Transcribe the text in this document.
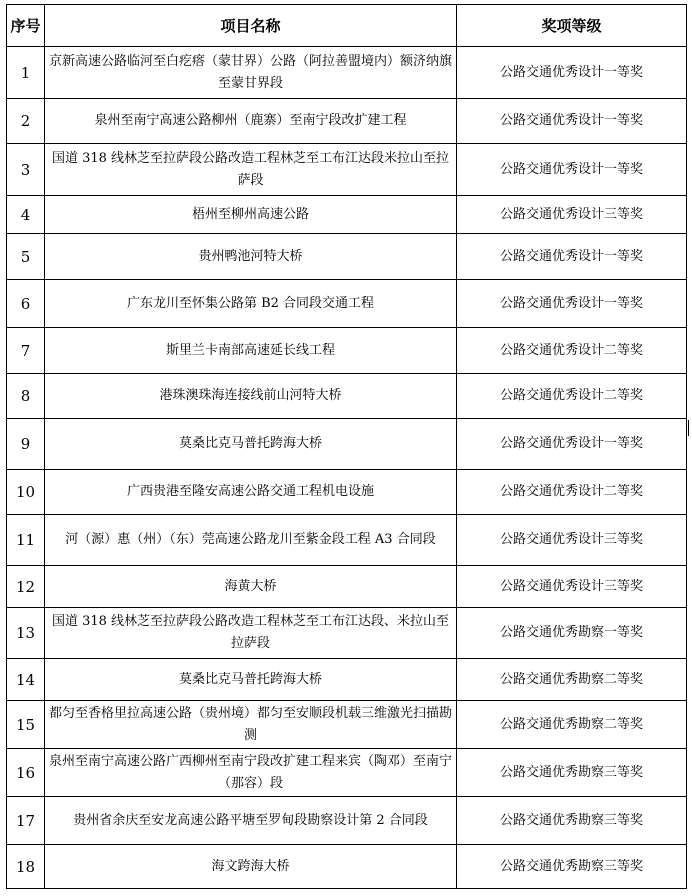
序号	项目名称	奖项等级
1	京新高速公路临河至白疙瘩（蒙甘界）公路（阿拉善盟境内）额济纳旗至蒙甘界段	公路交通优秀设计一等奖
2	泉州至南宁高速公路柳州（鹿寨）至南宁段改扩建工程	公路交通优秀设计一等奖
3	国道 318 线林芝至拉萨段公路改造工程林芝至工布江达段米拉山至拉萨段	公路交通优秀设计一等奖
4	梧州至柳州高速公路	公路交通优秀设计三等奖
5	贵州鸭池河特大桥	公路交通优秀设计一等奖
6	广东龙川至怀集公路第 B2 合同段交通工程	公路交通优秀设计一等奖
7	斯里兰卡南部高速延长线工程	公路交通优秀设计二等奖
8	港珠澳珠海连接线前山河特大桥	公路交通优秀设计二等奖
9	莫桑比克马普托跨海大桥	公路交通优秀设计一等奖
10	广西贵港至隆安高速公路交通工程机电设施	公路交通优秀设计二等奖
11	河（源）惠（州）（东）莞高速公路龙川至紫金段工程 A3 合同段	公路交通优秀设计三等奖
12	海黄大桥	公路交通优秀设计三等奖
13	国道 318 线林芝至拉萨段公路改造工程林芝至工布江达段、米拉山至拉萨段	公路交通优秀勘察一等奖
14	莫桑比克马普托跨海大桥	公路交通优秀勘察二等奖
15	都匀至香格里拉高速公路（贵州境）都匀至安顺段机载三维激光扫描勘测	公路交通优秀勘察二等奖
16	泉州至南宁高速公路广西柳州至南宁段改扩建工程来宾（陶邓）至南宁（那容）段	公路交通优秀勘察三等奖
17	贵州省余庆至安龙高速公路平塘至罗甸段勘察设计第 2 合同段	公路交通优秀勘察三等奖
18	海文跨海大桥	公路交通优秀勘察三等奖
